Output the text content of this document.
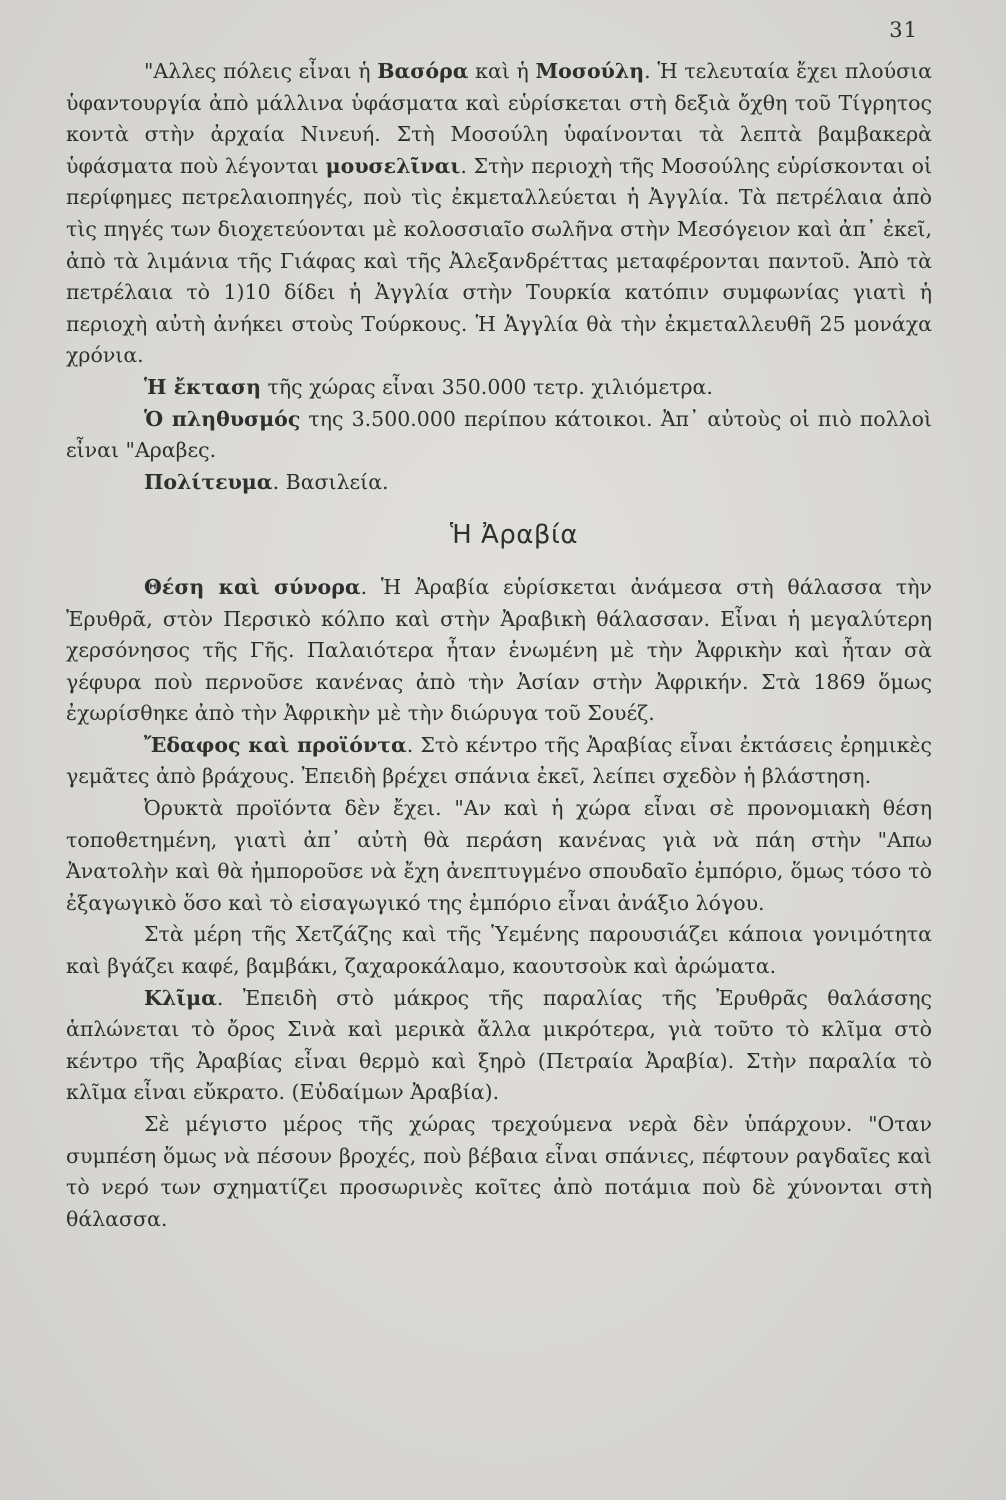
31

"Αλλες πόλεις εἶναι ἡ Βασόρα καὶ ἡ Μοσούλη. Ἡ τελευταία ἔχει πλούσια ὑφαντουργία ἀπὸ μάλλινα ὑφάσματα καὶ εὑρίσκεται στὴ δεξιὰ ὄχθη τοῦ Τίγρητος κοντὰ στὴν ἀρχαία Νινευή. Στὴ Μοσούλη ὑφαίνονται τὰ λεπτὰ βαμβακερὰ ὑφάσματα ποὺ λέγονται μουσελῖναι. Στὴν περιοχὴ τῆς Μοσούλης εὑρίσκονται οἱ περίφημες πετρελαιοπηγές, ποὺ τὶς ἐκμεταλλεύεται ἡ Ἀγγλία. Τὰ πετρέλαια ἀπὸ τὶς πηγές των διοχετεύονται μὲ κολοσσιαῖο σωλῆνα στὴν Μεσόγειον καὶ ἀπ᾿ ἐκεῖ, ἀπὸ τὰ λιμάνια τῆς Γιάφας καὶ τῆς Ἀλεξανδρέττας μεταφέρονται παντοῦ. Ἀπὸ τὰ πετρέλαια τὸ 1)10 δίδει ἡ Ἀγγλία στὴν Τουρκία κατόπιν συμφωνίας γιατὶ ἡ περιοχὴ αὐτὴ ἀνήκει στοὺς Τούρκους. Ἡ Ἀγγλία θὰ τὴν ἐκμεταλλευθῆ 25 μονάχα χρόνια.

Ἡ ἔκταση τῆς χώρας εἶναι 350.000 τετρ. χιλιόμετρα.

Ὁ πληθυσμός της 3.500.000 περίπου κάτοικοι. Ἀπ᾿ αὐτοὺς οἱ πιὸ πολλοὶ εἶναι "Αραβες.

Πολίτευμα. Βασιλεία.

Ἡ Ἀραβία

Θέση καὶ σύνορα. Ἡ Ἀραβία εὑρίσκεται ἀνάμεσα στὴ θάλασσα τὴν Ἐρυθρᾶ, στὸν Περσικὸ κόλπο καὶ στὴν Ἀραβικὴ θάλασσαν. Εἶναι ἡ μεγαλύτερη χερσόνησος τῆς Γῆς. Παλαιότερα ἦταν ἑνωμένη μὲ τὴν Ἀφρικὴν καὶ ἦταν σὰ γέφυρα ποὺ περνοῦσε κανένας ἀπὸ τὴν Ἀσίαν στὴν Ἀφρικήν. Στὰ 1869 ὅμως ἐχωρίσθηκε ἀπὸ τὴν Ἀφρικὴν μὲ τὴν διώρυγα τοῦ Σουέζ.

Ἔδαφος καὶ προϊόντα. Στὸ κέντρο τῆς Ἀραβίας εἶναι ἐκτάσεις ἐρημικὲς γεμᾶτες ἀπὸ βράχους. Ἐπειδὴ βρέχει σπάνια ἐκεῖ, λείπει σχεδὸν ἡ βλάστηση.

Ὀρυκτὰ προϊόντα δὲν ἔχει. "Αν καὶ ἡ χώρα εἶναι σὲ προνομιακὴ θέση τοποθετημένη, γιατὶ ἀπ᾿ αὐτὴ θὰ περάση κανένας γιὰ νὰ πάη στὴν "Απω Ἀνατολὴν καὶ θὰ ἠμποροῦσε νὰ ἔχη ἀνεπτυγμένο σπουδαῖο ἐμπόριο, ὅμως τόσο τὸ ἐξαγωγικὸ ὅσο καὶ τὸ εἰσαγωγικό της ἐμπόριο εἶναι ἀνάξιο λόγου.

Στὰ μέρη τῆς Χετζάζης καὶ τῆς Ὑεμένης παρουσιάζει κάποια γονιμότητα καὶ βγάζει καφέ, βαμβάκι, ζαχαροκάλαμο, καουτσοὺκ καὶ ἀρώματα.

Κλῖμα. Ἐπειδὴ στὸ μάκρος τῆς παραλίας τῆς Ἐρυθρᾶς θαλάσσης ἁπλώνεται τὸ ὄρος Σινὰ καὶ μερικὰ ἄλλα μικρότερα, γιὰ τοῦτο τὸ κλῖμα στὸ κέντρο τῆς Ἀραβίας εἶναι θερμὸ καὶ ξηρὸ (Πετραία Ἀραβία). Στὴν παραλία τὸ κλῖμα εἶναι εὔκρατο. (Εὐδαίμων Ἀραβία).

Σὲ μέγιστο μέρος τῆς χώρας τρεχούμενα νερὰ δὲν ὑπάρχουν. "Οταν συμπέση ὅμως νὰ πέσουν βροχές, ποὺ βέβαια εἶναι σπάνιες, πέφτουν ραγδαῖες καὶ τὸ νερό των σχηματίζει προσωρινὲς κοῖτες ἀπὸ ποτάμια ποὺ δὲ χύνονται στὴ θάλασσα.
